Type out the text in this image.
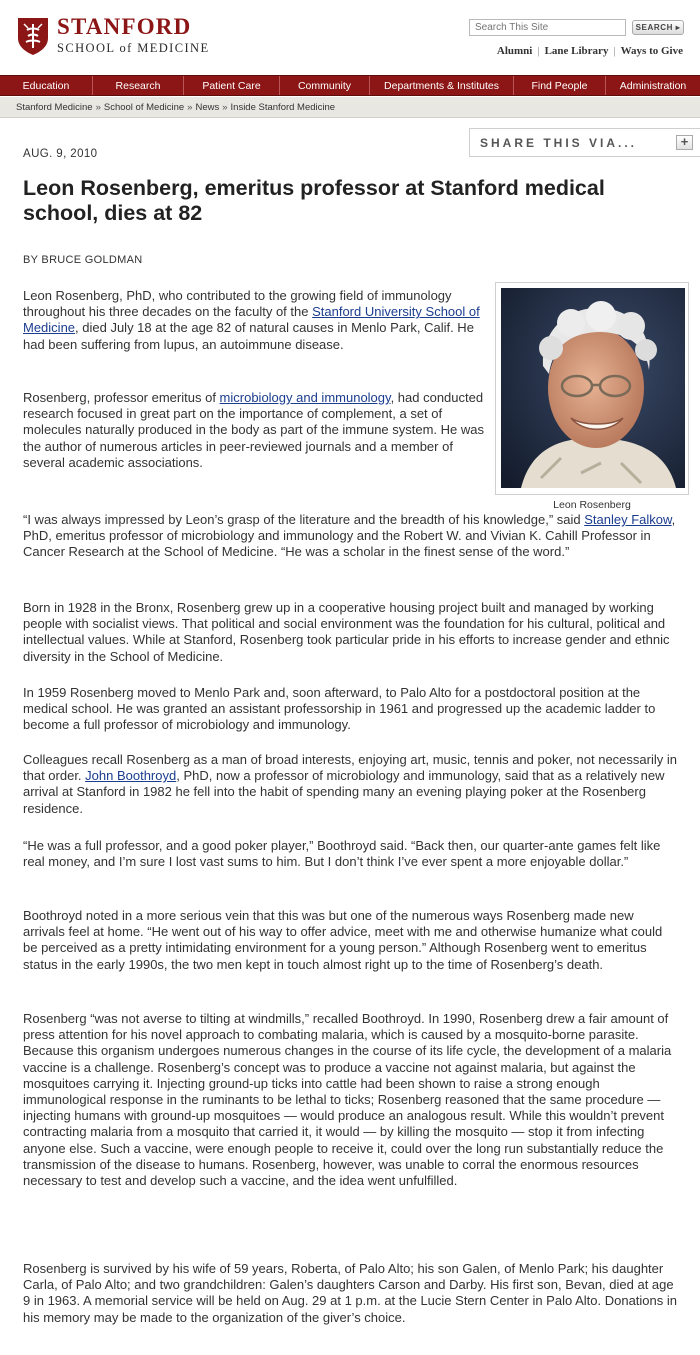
STANFORD
SCHOOL of MEDICINE
Search This Site
SEARCH ▸
Alumni | Lane Library | Ways to Give
Education	Research	Patient Care	Community	Departments & Institutes	Find People	Administration
Stanford Medicine » School of Medicine » News » Inside Stanford Medicine
AUG. 9, 2010
SHARE THIS VIA...	+
Leon Rosenberg, emeritus professor at Stanford medical school, dies at 82
BY BRUCE GOLDMAN
Leon Rosenberg

Leon Rosenberg, PhD, who contributed to the growing field of immunology throughout his three decades on the faculty of the Stanford University School of Medicine, died July 18 at the age 82 of natural causes in Menlo Park, Calif. He had been suffering from lupus, an autoimmune disease.

Rosenberg, professor emeritus of microbiology and immunology, had conducted research focused in great part on the importance of complement, a set of molecules naturally produced in the body as part of the immune system. He was the author of numerous articles in peer-reviewed journals and a member of several academic associations.

“I was always impressed by Leon’s grasp of the literature and the breadth of his knowledge,” said Stanley Falkow, PhD, emeritus professor of microbiology and immunology and the Robert W. and Vivian K. Cahill Professor in Cancer Research at the School of Medicine. “He was a scholar in the finest sense of the word.”

Born in 1928 in the Bronx, Rosenberg grew up in a cooperative housing project built and managed by working people with socialist views. That political and social environment was the foundation for his cultural, political and intellectual values. While at Stanford, Rosenberg took particular pride in his efforts to increase gender and ethnic diversity in the School of Medicine.

In 1959 Rosenberg moved to Menlo Park and, soon afterward, to Palo Alto for a postdoctoral position at the medical school. He was granted an assistant professorship in 1961 and progressed up the academic ladder to become a full professor of microbiology and immunology.

Colleagues recall Rosenberg as a man of broad interests, enjoying art, music, tennis and poker, not necessarily in that order. John Boothroyd, PhD, now a professor of microbiology and immunology, said that as a relatively new arrival at Stanford in 1982 he fell into the habit of spending many an evening playing poker at the Rosenberg residence.

“He was a full professor, and a good poker player,” Boothroyd said. “Back then, our quarter-ante games felt like real money, and I’m sure I lost vast sums to him. But I don’t think I’ve ever spent a more enjoyable dollar.”

Boothroyd noted in a more serious vein that this was but one of the numerous ways Rosenberg made new arrivals feel at home. “He went out of his way to offer advice, meet with me and otherwise humanize what could be perceived as a pretty intimidating environment for a young person.” Although Rosenberg went to emeritus status in the early 1990s, the two men kept in touch almost right up to the time of Rosenberg’s death.

Rosenberg “was not averse to tilting at windmills,” recalled Boothroyd. In 1990, Rosenberg drew a fair amount of press attention for his novel approach to combating malaria, which is caused by a mosquito-borne parasite. Because this organism undergoes numerous changes in the course of its life cycle, the development of a malaria vaccine is a challenge. Rosenberg’s concept was to produce a vaccine not against malaria, but against the mosquitoes carrying it. Injecting ground-up ticks into cattle had been shown to raise a strong enough immunological response in the ruminants to be lethal to ticks; Rosenberg reasoned that the same procedure — injecting humans with ground-up mosquitoes — would produce an analogous result. While this wouldn’t prevent contracting malaria from a mosquito that carried it, it would — by killing the mosquito — stop it from infecting anyone else. Such a vaccine, were enough people to receive it, could over the long run substantially reduce the transmission of the disease to humans. Rosenberg, however, was unable to corral the enormous resources necessary to test and develop such a vaccine, and the idea went unfulfilled.

Rosenberg is survived by his wife of 59 years, Roberta, of Palo Alto; his son Galen, of Menlo Park; his daughter Carla, of Palo Alto; and two grandchildren: Galen’s daughters Carson and Darby. His first son, Bevan, died at age 9 in 1963. A memorial service will be held on Aug. 29 at 1 p.m. at the Lucie Stern Center in Palo Alto. Donations in his memory may be made to the organization of the giver’s choice.
